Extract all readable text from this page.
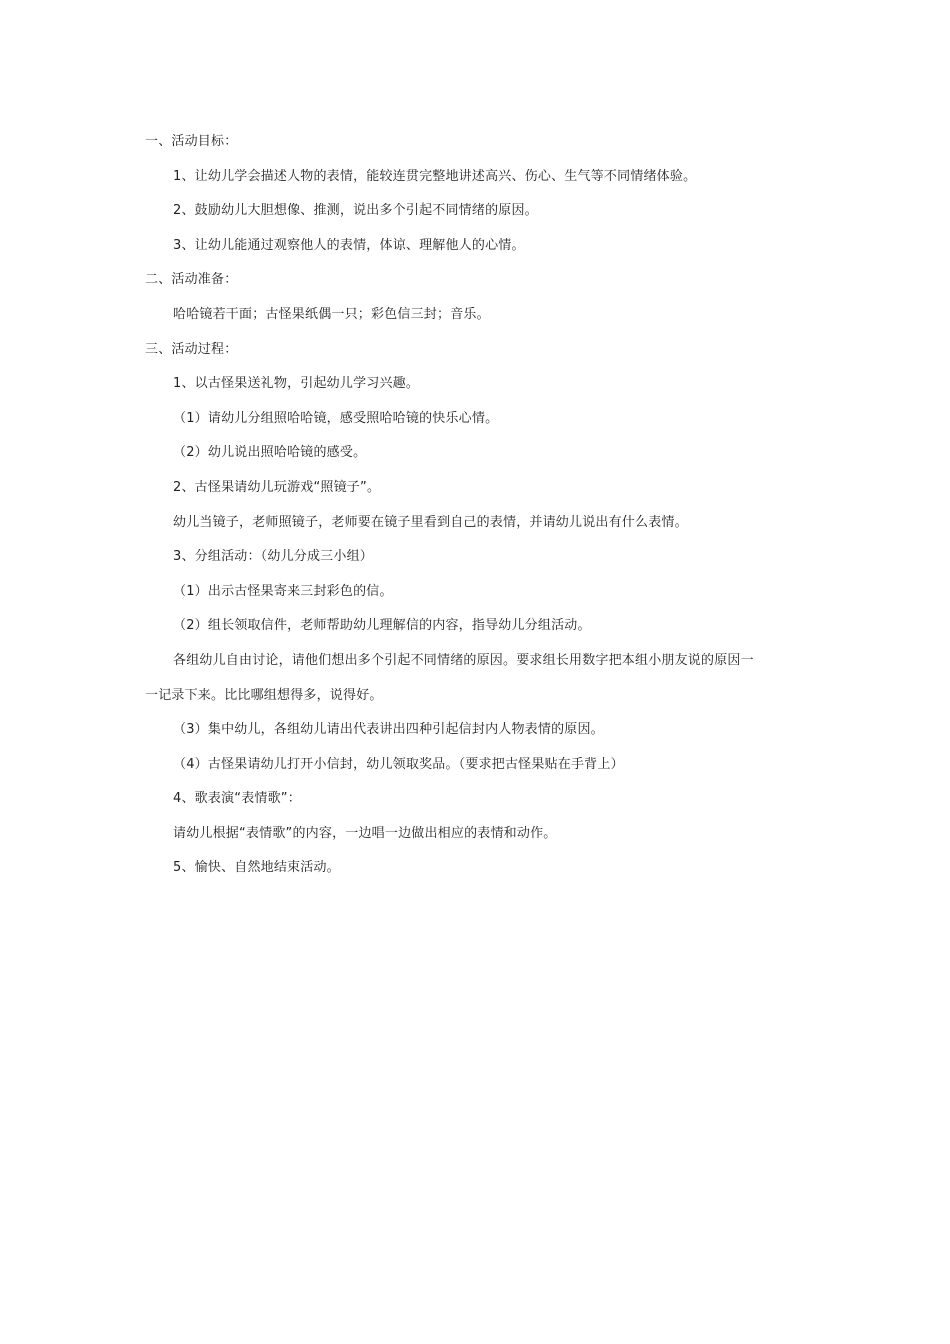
一、活动目标：
1、让幼儿学会描述人物的表情，能较连贯完整地讲述高兴、伤心、生气等不同情绪体验。
2、鼓励幼儿大胆想像、推测，说出多个引起不同情绪的原因。
3、让幼儿能通过观察他人的表情，体谅、理解他人的心情。
二、活动准备：
哈哈镜若干面；古怪果纸偶一只；彩色信三封；音乐。
三、活动过程：
1、以古怪果送礼物，引起幼儿学习兴趣。
（1）请幼儿分组照哈哈镜，感受照哈哈镜的快乐心情。
（2）幼儿说出照哈哈镜的感受。
2、古怪果请幼儿玩游戏“照镜子”。
幼儿当镜子，老师照镜子，老师要在镜子里看到自己的表情，并请幼儿说出有什么表情。
3、分组活动：（幼儿分成三小组）
（1）出示古怪果寄来三封彩色的信。
（2）组长领取信件，老师帮助幼儿理解信的内容，指导幼儿分组活动。
各组幼儿自由讨论，请他们想出多个引起不同情绪的原因。要求组长用数字把本组小朋友说的原因一
一记录下来。比比哪组想得多，说得好。
（3）集中幼儿，各组幼儿请出代表讲出四种引起信封内人物表情的原因。
（4）古怪果请幼儿打开小信封，幼儿领取奖品。（要求把古怪果贴在手背上）
4、歌表演“表情歌”：
请幼儿根据“表情歌”的内容，一边唱一边做出相应的表情和动作。
5、愉快、自然地结束活动。
